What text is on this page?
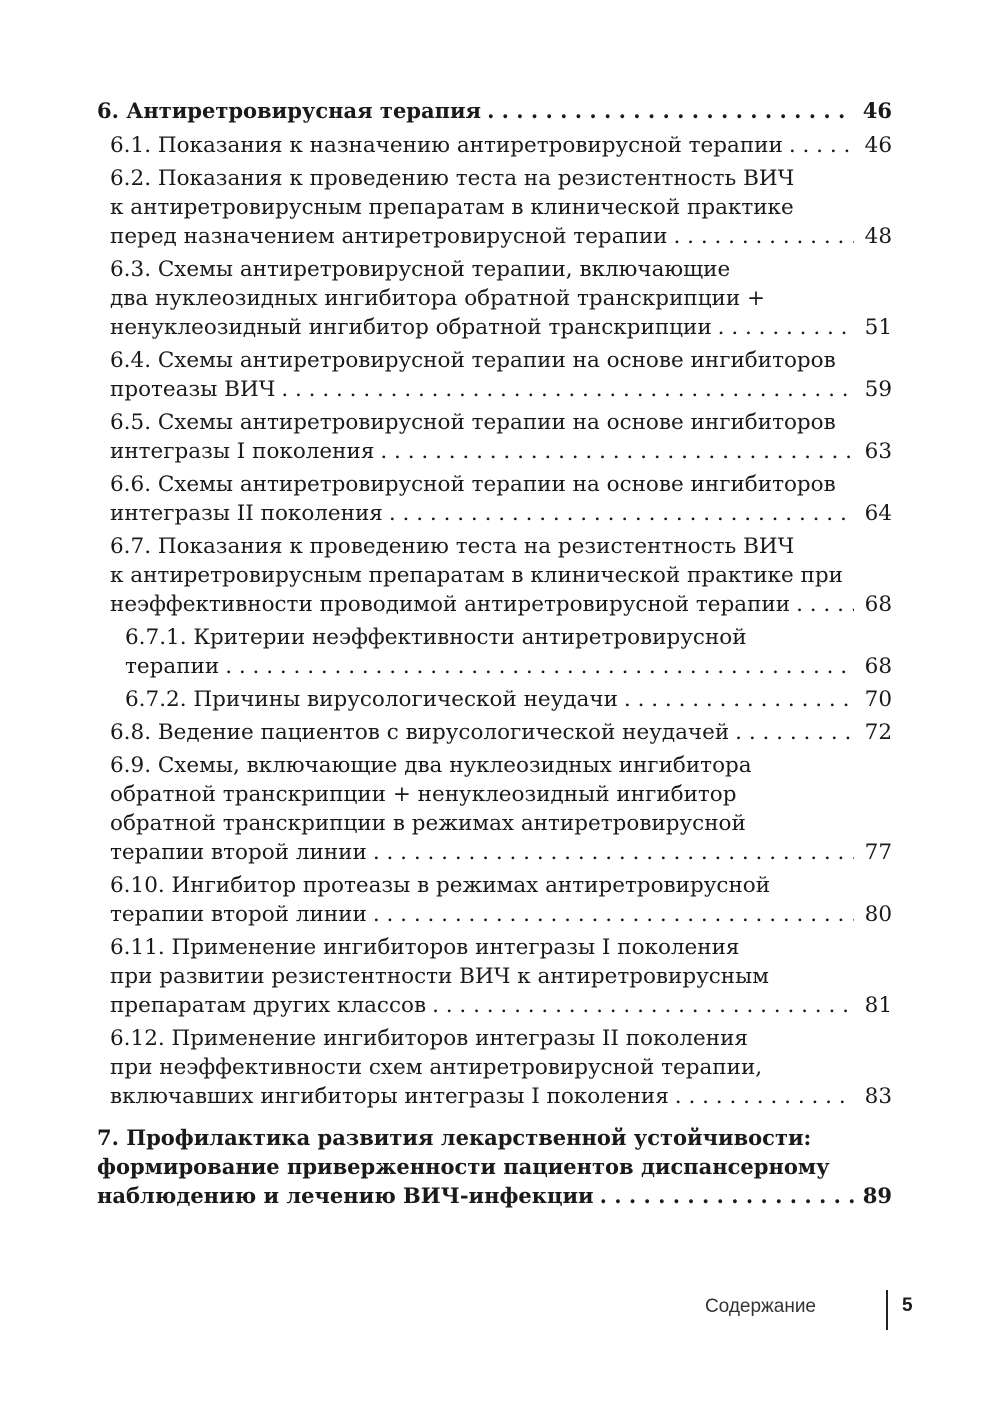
6. Антиретровирусная терапия . . .	46
6.1. Показания к назначению антиретровирусной терапии . . .	46
6.2. Показания к проведению теста на резистентность ВИЧ
к антиретровирусным препаратам в клинической практике
перед назначением антиретровирусной терапии . . .	48
6.3. Схемы антиретровирусной терапии, включающие
два нуклеозидных ингибитора обратной транскрипции +
ненуклеозидный ингибитор обратной транскрипции . . .	51
6.4. Схемы антиретровирусной терапии на основе ингибиторов
протеазы ВИЧ . . .	59
6.5. Схемы антиретровирусной терапии на основе ингибиторов
интегразы I поколения . . .	63
6.6. Схемы антиретровирусной терапии на основе ингибиторов
интегразы II поколения . . .	64
6.7. Показания к проведению теста на резистентность ВИЧ
к антиретровирусным препаратам в клинической практике при
неэффективности проводимой антиретровирусной терапии . . .	68
6.7.1. Критерии неэффективности антиретровирусной
терапии . . .	68
6.7.2. Причины вирусологической неудачи . . .	70
6.8. Ведение пациентов с вирусологической неудачей . . .	72
6.9. Схемы, включающие два нуклеозидных ингибитора
обратной транскрипции + ненуклеозидный ингибитор
обратной транскрипции в режимах антиретровирусной
терапии второй линии . . .	77
6.10. Ингибитор протеазы в режимах антиретровирусной
терапии второй линии . . .	80
6.11. Применение ингибиторов интегразы I поколения
при развитии резистентности ВИЧ к антиретровирусным
препаратам других классов . . .	81
6.12. Применение ингибиторов интегразы II поколения
при неэффективности схем антиретровирусной терапии,
включавших ингибиторы интегразы I поколения . . .	83
7. Профилактика развития лекарственной устойчивости:
формирование приверженности пациентов диспансерному
наблюдению и лечению ВИЧ-инфекции . . .	89
Содержание	5
